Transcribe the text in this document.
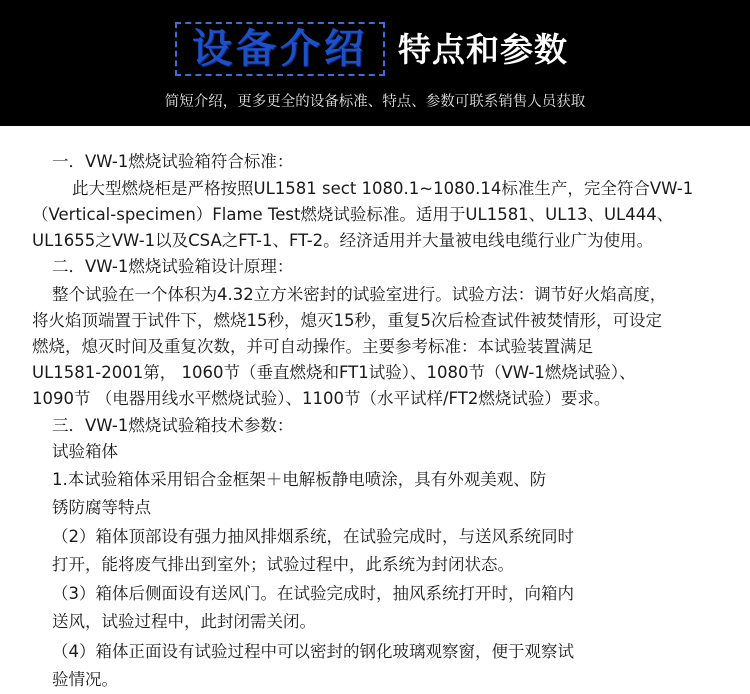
设备介绍 特点和参数
简短介绍，更多更全的设备标准、特点、参数可联系销售人员获取
一．VW-1燃烧试验箱符合标准：
此大型燃烧柜是严格按照UL1581 sect 1080.1~1080.14标准生产，完全符合VW-1
（Vertical-specimen）Flame Test燃烧试验标准。适用于UL1581、UL13、UL444、
UL1655之VW-1以及CSA之FT-1、FT-2。经济适用并大量被电线电缆行业广为使用。
二．VW-1燃烧试验箱设计原理：
整个试验在一个体积为4.32立方米密封的试验室进行。试验方法：调节好火焰高度，
将火焰顶端置于试件下，燃烧15秒，熄灭15秒，重复5次后检查试件被焚情形，可设定
燃烧，熄灭时间及重复次数，并可自动操作。主要参考标准：本试验装置满足
UL1581-2001第， 1060节（垂直燃烧和FT1试验）、1080节（VW-1燃烧试验）、
1090节 （电器用线水平燃烧试验）、1100节（水平试样/FT2燃烧试验）要求。
三．VW-1燃烧试验箱技术参数：
试验箱体
1.本试验箱体采用铝合金框架＋电解板静电喷涂，具有外观美观、防
锈防腐等特点
（2）箱体顶部设有强力抽风排烟系统，在试验完成时，与送风系统同时
打开，能将废气排出到室外；试验过程中，此系统为封闭状态。
（3）箱体后侧面设有送风门。在试验完成时，抽风系统打开时，向箱内
送风，试验过程中，此封闭需关闭。
（4）箱体正面设有试验过程中可以密封的钢化玻璃观察窗，便于观察试
验情况。
